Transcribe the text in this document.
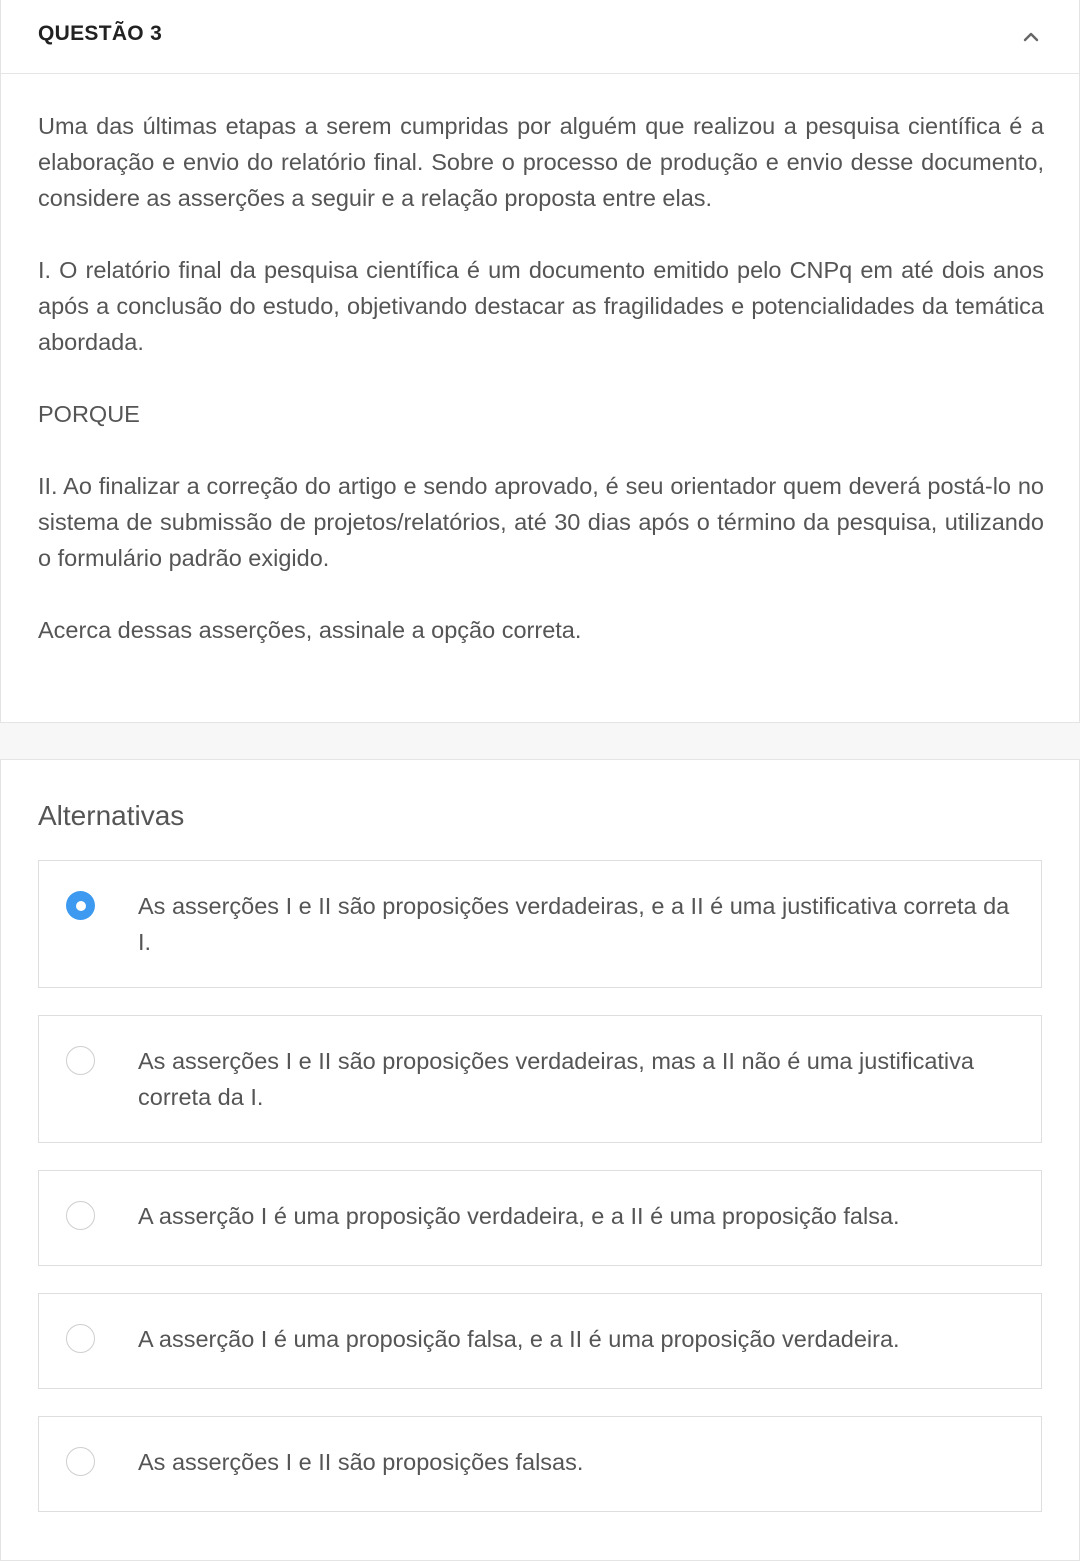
QUESTÃO 3

Uma das últimas etapas a serem cumpridas por alguém que realizou a pesquisa científica é a elaboração e envio do relatório final. Sobre o processo de produção e envio desse documento, considere as asserções a seguir e a relação proposta entre elas.

I. O relatório final da pesquisa científica é um documento emitido pelo CNPq em até dois anos após a conclusão do estudo, objetivando destacar as fragilidades e potencialidades da temática abordada.

PORQUE

II. Ao finalizar a correção do artigo e sendo aprovado, é seu orientador quem deverá postá-lo no sistema de submissão de projetos/relatórios, até 30 dias após o término da pesquisa, utilizando o formulário padrão exigido.

Acerca dessas asserções, assinale a opção correta.

Alternativas
As asserções I e II são proposições verdadeiras, e a II é uma justificativa correta da I.
As asserções I e II são proposições verdadeiras, mas a II não é uma justificativa correta da I.
A asserção I é uma proposição verdadeira, e a II é uma proposição falsa.
A asserção I é uma proposição falsa, e a II é uma proposição verdadeira.
As asserções I e II são proposições falsas.
